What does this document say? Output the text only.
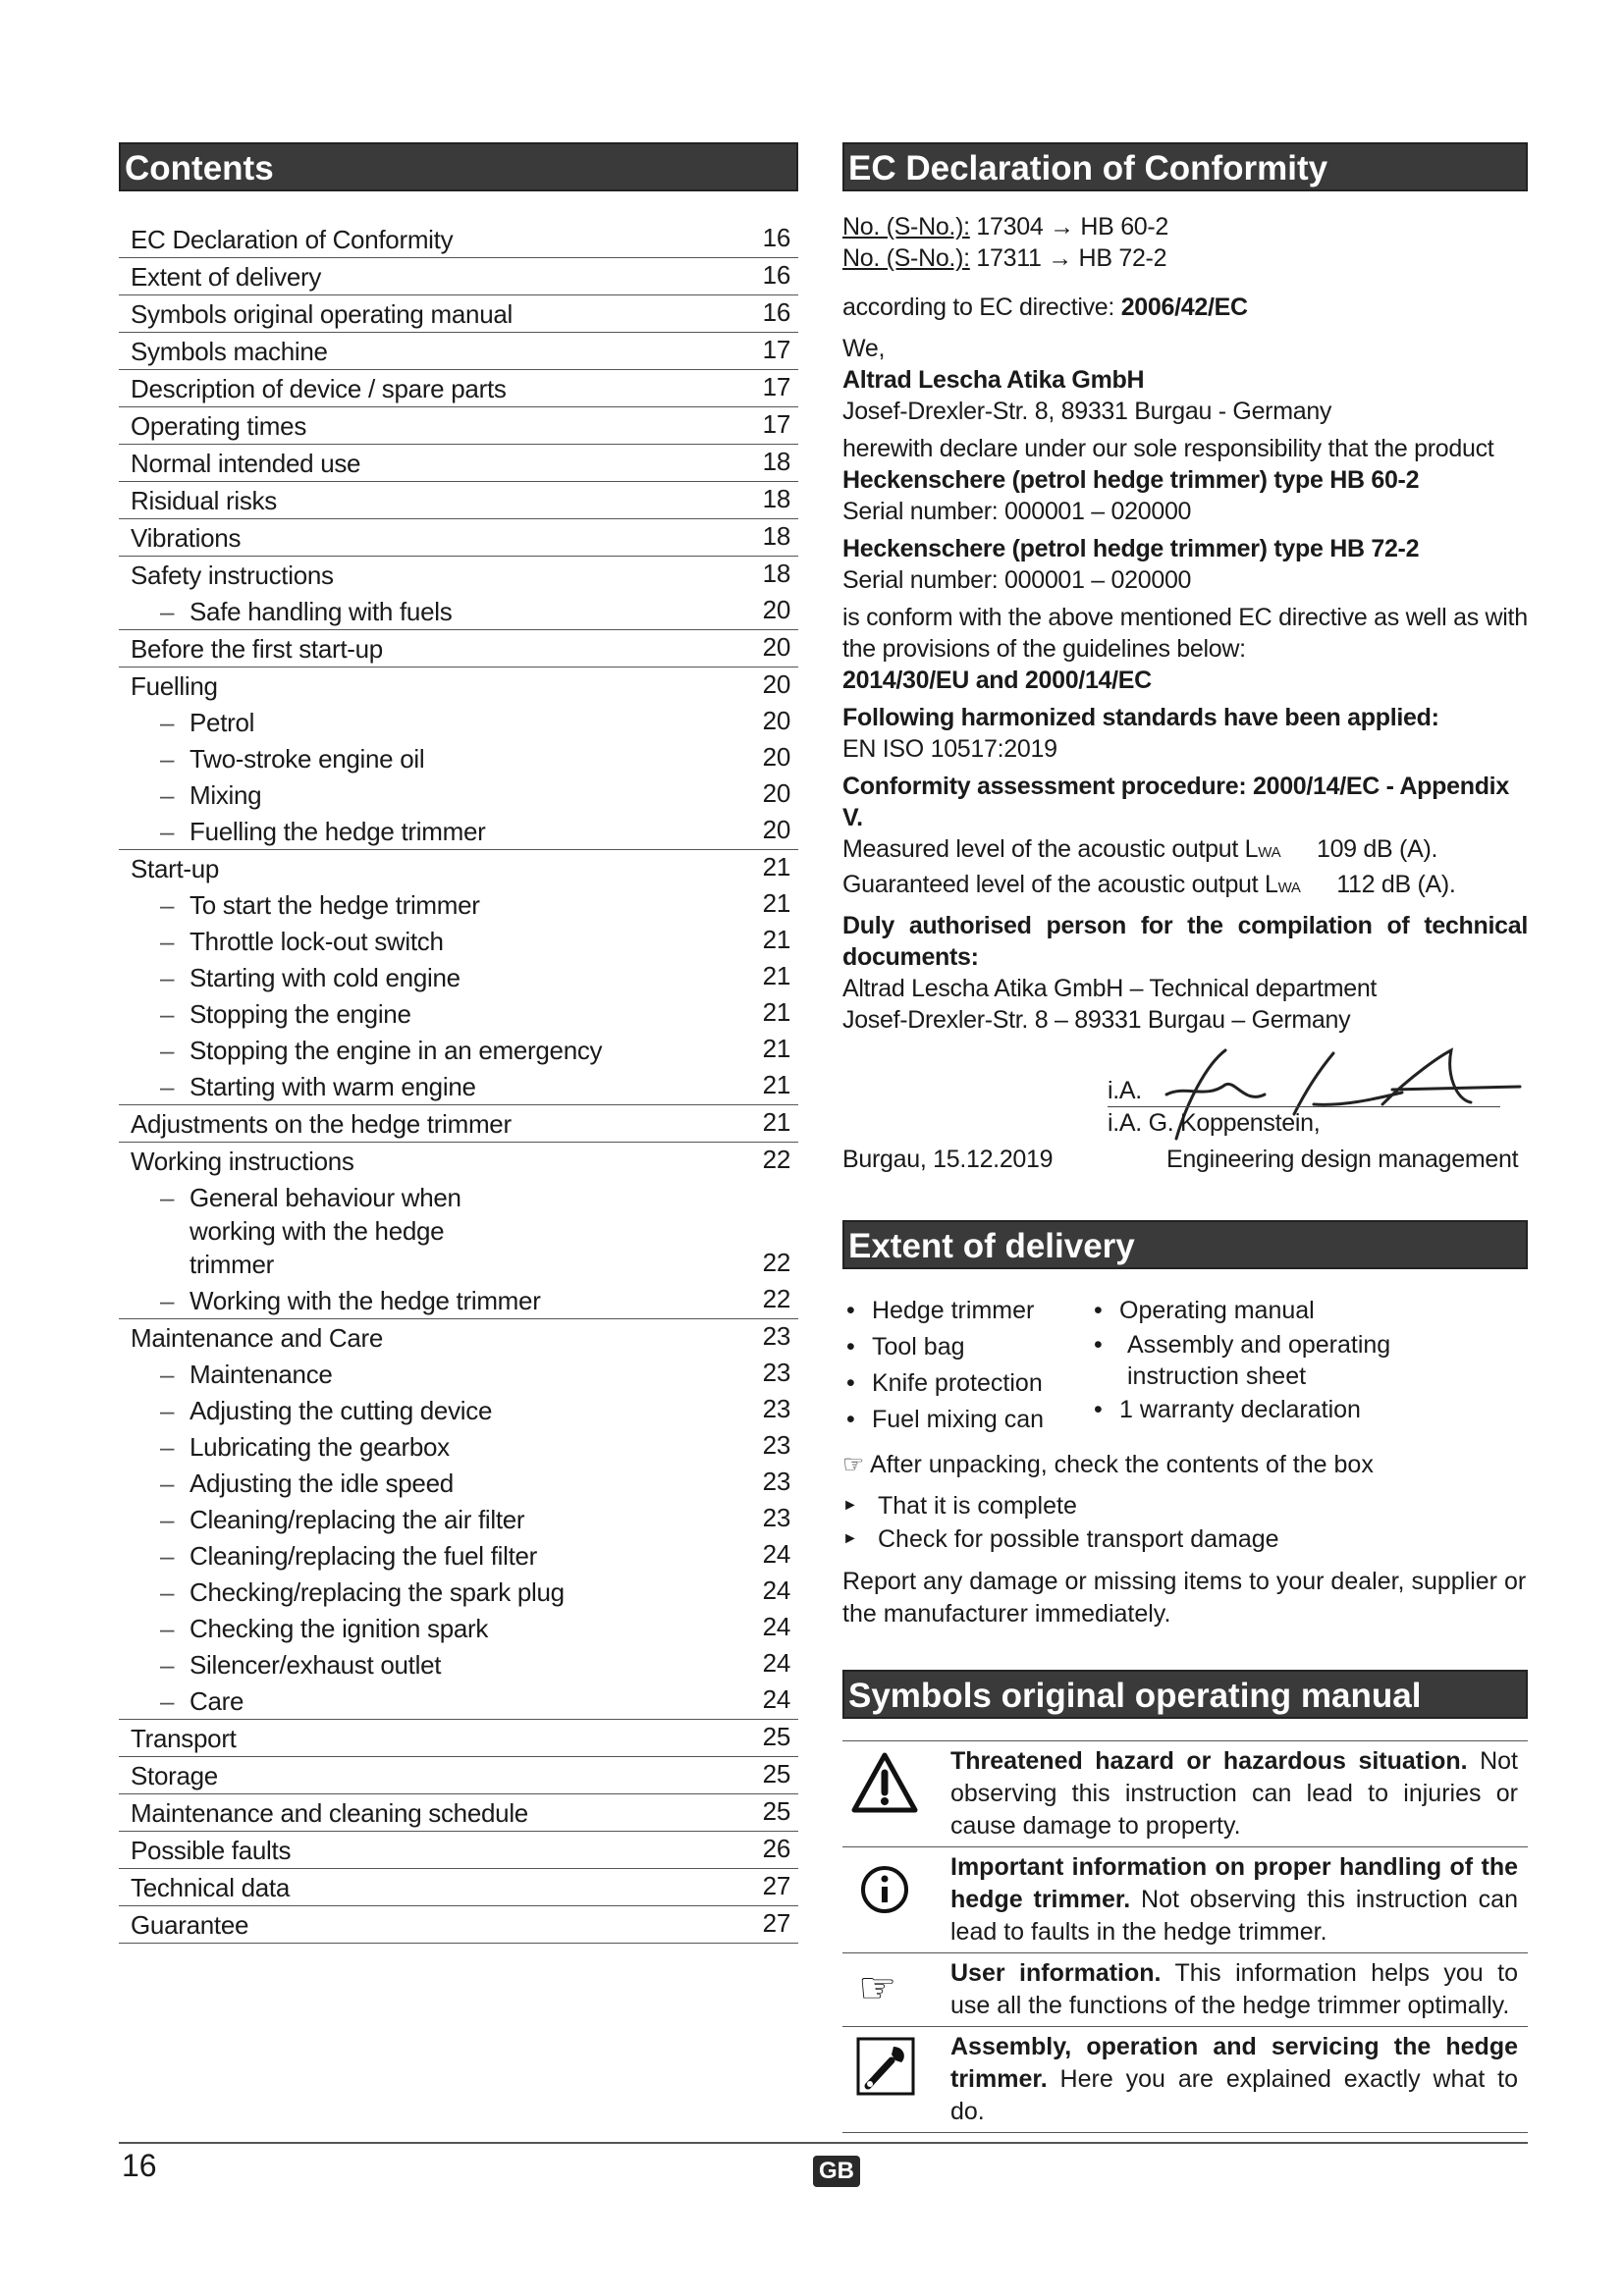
Contents
EC Declaration of Conformity	16
Extent of delivery	16
Symbols original operating manual	16
Symbols machine	17
Description of device / spare parts	17
Operating times	17
Normal intended use	18
Risidual risks	18
Vibrations	18
Safety instructions	18
– Safe handling with fuels	20
Before the first start-up	20
Fuelling	20
– Petrol	20
– Two-stroke engine oil	20
– Mixing	20
– Fuelling the hedge trimmer	20
Start-up	21
– To start the hedge trimmer	21
– Throttle lock-out switch	21
– Starting with cold engine	21
– Stopping the engine	21
– Stopping the engine in an emergency	21
– Starting with warm engine	21
Adjustments on the hedge trimmer	21
Working instructions	22
– General behaviour when working with the hedge trimmer	22
– Working with the hedge trimmer	22
Maintenance and Care	23
– Maintenance	23
– Adjusting the cutting device	23
– Lubricating the gearbox	23
– Adjusting the idle speed	23
– Cleaning/replacing the air filter	23
– Cleaning/replacing the fuel filter	24
– Checking/replacing the spark plug	24
– Checking the ignition spark	24
– Silencer/exhaust outlet	24
– Care	24
Transport	25
Storage	25
Maintenance and cleaning schedule	25
Possible faults	26
Technical data	27
Guarantee	27
EC Declaration of Conformity

No. (S-No.): 17304 → HB 60-2
No. (S-No.): 17311 → HB 72-2

according to EC directive: 2006/42/EC

We,

Altrad Lescha Atika GmbH
Josef-Drexler-Str. 8, 89331 Burgau - Germany

herewith declare under our sole responsibility that the product
Heckenschere (petrol hedge trimmer) type HB 60-2
Serial number: 000001 – 020000

Heckenschere (petrol hedge trimmer) type HB 72-2
Serial number: 000001 – 020000

is conform with the above mentioned EC directive as well as with the provisions of the guidelines below:
2014/30/EU and 2000/14/EC

Following harmonized standards have been applied:
EN ISO 10517:2019

Conformity assessment procedure: 2000/14/EC - Appendix V.
Measured level of the acoustic output LWA 109 dB (A).
Guaranteed level of the acoustic output LWA 112 dB (A).

Duly authorised person for the compilation of technical documents:
Altrad Lescha Atika GmbH – Technical department
Josef-Drexler-Str. 8 – 89331 Burgau – Germany

i.A.
i.A. G. Koppenstein,
Burgau, 15.12.2019	Engineering design management
Extent of delivery
• Hedge trimmer
• Tool bag
• Knife protection
• Fuel mixing can
• Operating manual
• Assembly and operating instruction sheet
• 1 warranty declaration
☞ After unpacking, check the contents of the box
► That it is complete
► Check for possible transport damage
Report any damage or missing items to your dealer, supplier or the manufacturer immediately.
Symbols original operating manual
Threatened hazard or hazardous situation. Not observing this instruction can lead to injuries or cause damage to property.
Important information on proper handling of the hedge trimmer. Not observing this instruction can lead to faults in the hedge trimmer.
☞ User information. This information helps you to use all the functions of the hedge trimmer optimally.
Assembly, operation and servicing the hedge trimmer. Here you are explained exactly what to do.
16	GB
